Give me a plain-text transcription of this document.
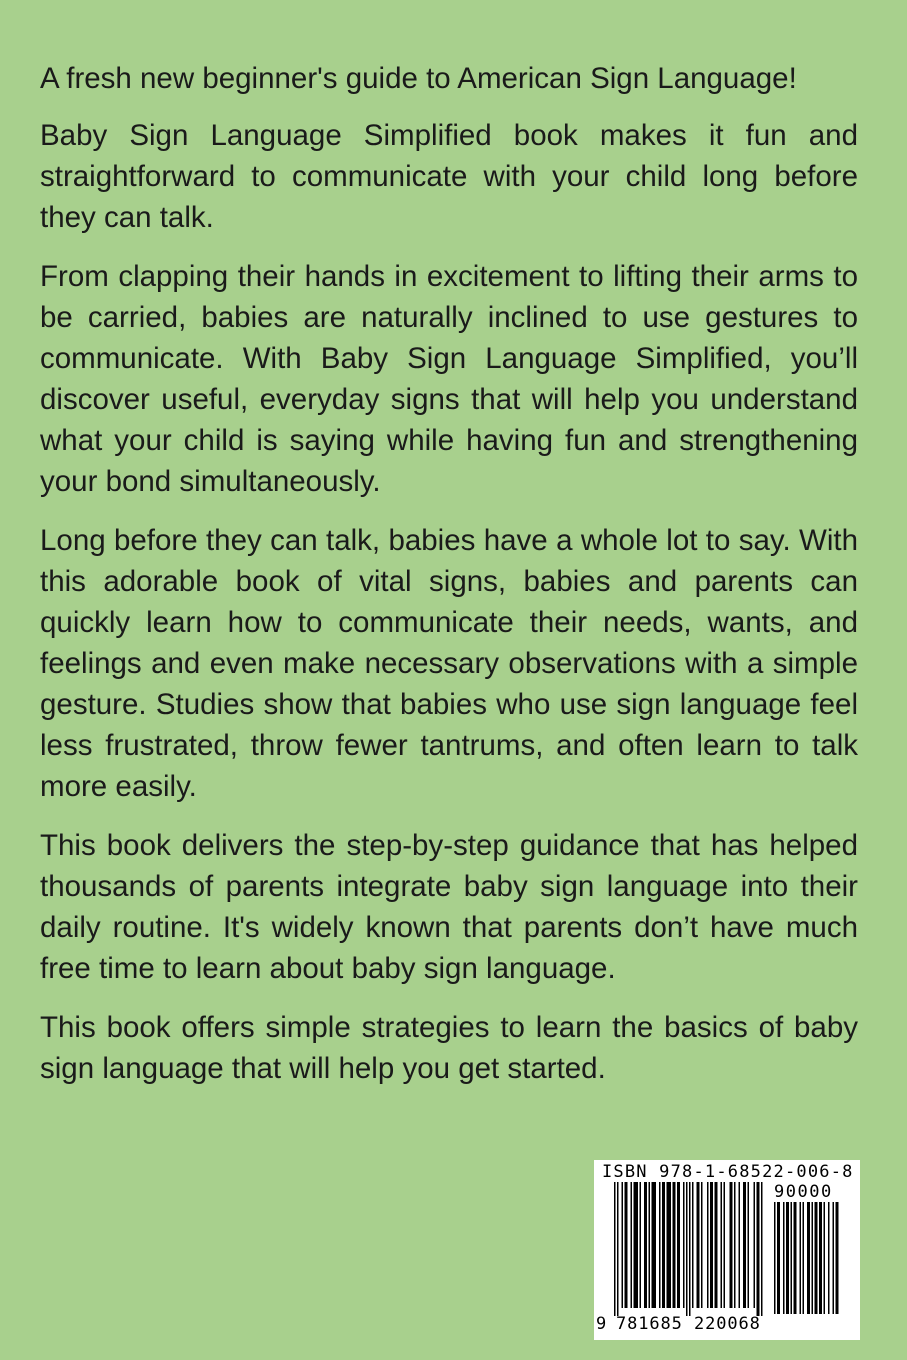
A fresh new beginner's guide to American Sign Language!

Baby Sign Language Simplified book makes it fun and straightforward to communicate with your child long before they can talk.

From clapping their hands in excitement to lifting their arms to be carried, babies are naturally inclined to use gestures to communicate. With Baby Sign Language Simplified, you’ll discover useful, everyday signs that will help you understand what your child is saying while having fun and strengthening your bond simultaneously.

Long before they can talk, babies have a whole lot to say. With this adorable book of vital signs, babies and parents can quickly learn how to communicate their needs, wants, and feelings and even make necessary observations with a simple gesture. Studies show that babies who use sign language feel less frustrated, throw fewer tantrums, and often learn to talk more easily.

This book delivers the step-by-step guidance that has helped thousands of parents integrate baby sign language into their daily routine. It's widely known that parents don’t have much free time to learn about baby sign language.

This book offers simple strategies to learn the basics of baby sign language that will help you get started.

ISBN 978-1-68522-006-8
90000
9 781685 220068
